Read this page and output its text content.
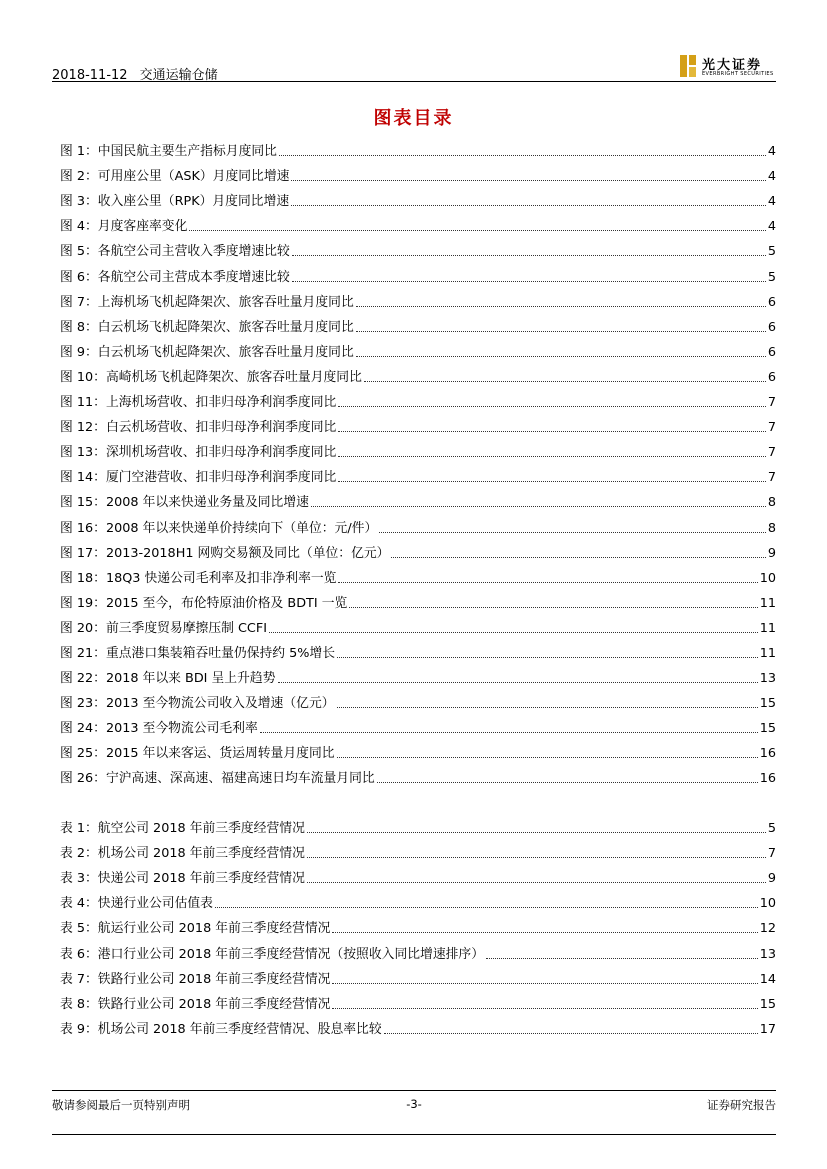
2018-11-12 交通运输仓储
光大证券
EVERBRIGHT SECURITIES
图表目录
图 1：中国民航主要生产指标月度同比	4
图 2：可用座公里（ASK）月度同比增速	4
图 3：收入座公里（RPK）月度同比增速	4
图 4：月度客座率变化	4
图 5：各航空公司主营收入季度增速比较	5
图 6：各航空公司主营成本季度增速比较	5
图 7：上海机场飞机起降架次、旅客吞吐量月度同比	6
图 8：白云机场飞机起降架次、旅客吞吐量月度同比	6
图 9：白云机场飞机起降架次、旅客吞吐量月度同比	6
图 10：高崎机场飞机起降架次、旅客吞吐量月度同比	6
图 11：上海机场营收、扣非归母净利润季度同比	7
图 12：白云机场营收、扣非归母净利润季度同比	7
图 13：深圳机场营收、扣非归母净利润季度同比	7
图 14：厦门空港营收、扣非归母净利润季度同比	7
图 15：2008 年以来快递业务量及同比增速	8
图 16：2008 年以来快递单价持续向下（单位：元/件）	8
图 17：2013-2018H1 网购交易额及同比（单位：亿元）	9
图 18：18Q3 快递公司毛利率及扣非净利率一览	10
图 19：2015 至今，布伦特原油价格及 BDTI 一览	11
图 20：前三季度贸易摩擦压制 CCFI	11
图 21：重点港口集装箱吞吐量仍保持约 5%增长	11
图 22：2018 年以来 BDI 呈上升趋势	13
图 23：2013 至今物流公司收入及增速（亿元）	15
图 24：2013 至今物流公司毛利率	15
图 25：2015 年以来客运、货运周转量月度同比	16
图 26：宁沪高速、深高速、福建高速日均车流量月同比	16
表 1：航空公司 2018 年前三季度经营情况	5
表 2：机场公司 2018 年前三季度经营情况	7
表 3：快递公司 2018 年前三季度经营情况	9
表 4：快递行业公司估值表	10
表 5：航运行业公司 2018 年前三季度经营情况	12
表 6：港口行业公司 2018 年前三季度经营情况（按照收入同比增速排序）	13
表 7：铁路行业公司 2018 年前三季度经营情况	14
表 8：铁路行业公司 2018 年前三季度经营情况	15
表 9：机场公司 2018 年前三季度经营情况、股息率比较	17
敬请参阅最后一页特别声明	-3-	证券研究报告
